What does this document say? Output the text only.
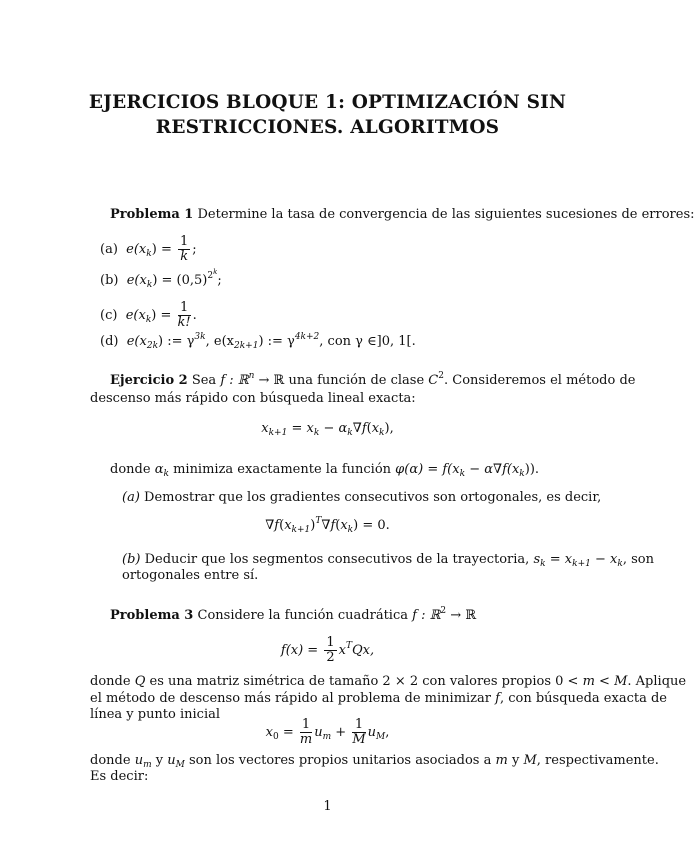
EJERCICIOS BLOQUE 1: OPTIMIZACIÓN SIN
RESTRICCIONES. ALGORITMOS
Problema 1 Determine la tasa de convergencia de las siguientes sucesiones de errores:
(a) $e(x_k) = \frac{1}{k}$ ;
(b) $e(x_k) = (0,5)^{2^k}$;
(c) $e(x_k) = \frac{1}{k!}$ .
(d) $e(x_{2k})$ := $\gamma^{3k}$, $e(x_{2k+1})$ := $\gamma^{4k+2}$, con γ ∈]0, 1[.
Ejercicio 2 Sea f : ℝ$^n$ → ℝ una función de clase $C^2$. Consideremos el método de
descenso más rápido con búsqueda lineal exacta:
$x_{k+1} = x_k - \alpha_k\nabla f(x_k)$,
donde $\alpha_k$ minimiza exactamente la función $\varphi(\alpha) = f(x_k - \alpha\nabla f(x_k))$.
(a) Demostrar que los gradientes consecutivos son ortogonales, es decir,
$\nabla f(x_{k+1})^T\nabla f(x_k) = 0$.
(b) Deducir que los segmentos consecutivos de la trayectoria, $s_k = x_{k+1} - x_k$, son
ortogonales entre sí.
Problema 3 Considere la función cuadrática f : ℝ$^2$ → ℝ
$f(x) = \frac{1}{2} x^TQx$,
donde Q es una matriz simétrica de tamaño 2 × 2 con valores propios 0 < m < M. Aplique
el método de descenso más rápido al problema de minimizar f, con búsqueda exacta de
línea y punto inicial
$x_0 = \frac{1}{m} u_m + \frac{1}{M} u_M$,
donde $u_m$ y $u_M$ son los vectores propios unitarios asociados a m y M, respectivamente.
Es decir:
1
